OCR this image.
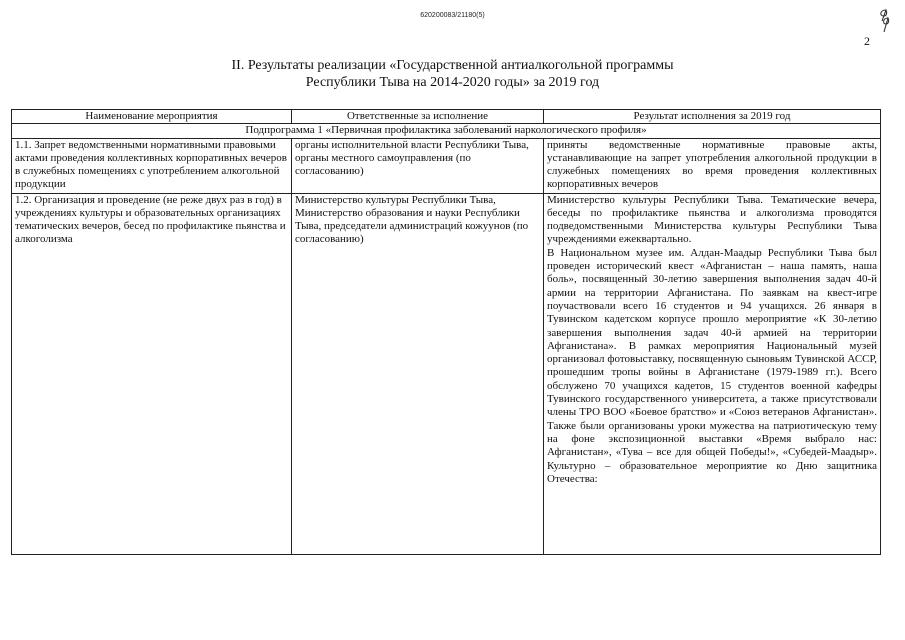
620200083/21180(5)
2
II. Результаты реализации «Государственной антиалкогольной программы
Республики Тыва на 2014-2020 годы» за 2019 год
Наименование мероприятия	Ответственные за исполнение	Результат исполнения за 2019 год
Подпрограмма 1 «Первичная профилактика заболеваний наркологического профиля»		
1.1. Запрет ведомственными нормативными правовыми актами проведения коллективных корпоративных вечеров в служебных помещениях с употреблением алкогольной продукции	органы исполнительной власти Республики Тыва, органы местного самоуправления (по согласованию)	приняты ведомственные нормативные правовые акты, устанавливающие на запрет употребления алкогольной продукции в служебных помещениях во время проведения коллективных корпоративных вечеров
1.2. Организация и проведение (не реже двух раз в год) в учреждениях культуры и образовательных организациях тематических вечеров, бесед по профилактике пьянства и алкоголизма	Министерство культуры Республики Тыва, Министерство образования и науки Республики Тыва, председатели администраций кожуунов (по согласованию)	Министерство культуры Республики Тыва. Тематические вечера, беседы по профилактике пьянства и алкоголизма проводятся подведомственными Министерства культуры Республики Тыва учреждениями ежеквартально.
В Национальном музее им. Алдан-Маадыр Республики Тыва был проведен исторический квест «Афганистан – наша память, наша боль», посвященный 30-летию завершения выполнения задач 40-й армии на территории Афганистана. По заявкам на квест-игре поучаствовали всего 16 студентов и 94 учащихся. 26 января в Тувинском кадетском корпусе прошло мероприятие «К 30-летию завершения выполнения задач 40-й армией на территории Афганистана». В рамках мероприятия Национальный музей организовал фотовыставку, посвященную сыновьям Тувинской АССР, прошедшим тропы войны в Афганистане (1979-1989 гг.). Всего обслужено 70 учащихся кадетов, 15 студентов военной кафедры Тувинского государственного университета, а также присутствовали члены ТРО ВОО «Боевое братство» и «Союз ветеранов Афганистан». Также были организованы уроки мужества на патриотическую тему на фоне экспозиционной выставки «Время выбрало нас: Афганистан», «Тува – все для общей Победы!», «Субедей-Маадыр». Культурно – образовательное мероприятие ко Дню защитника Отечества:
